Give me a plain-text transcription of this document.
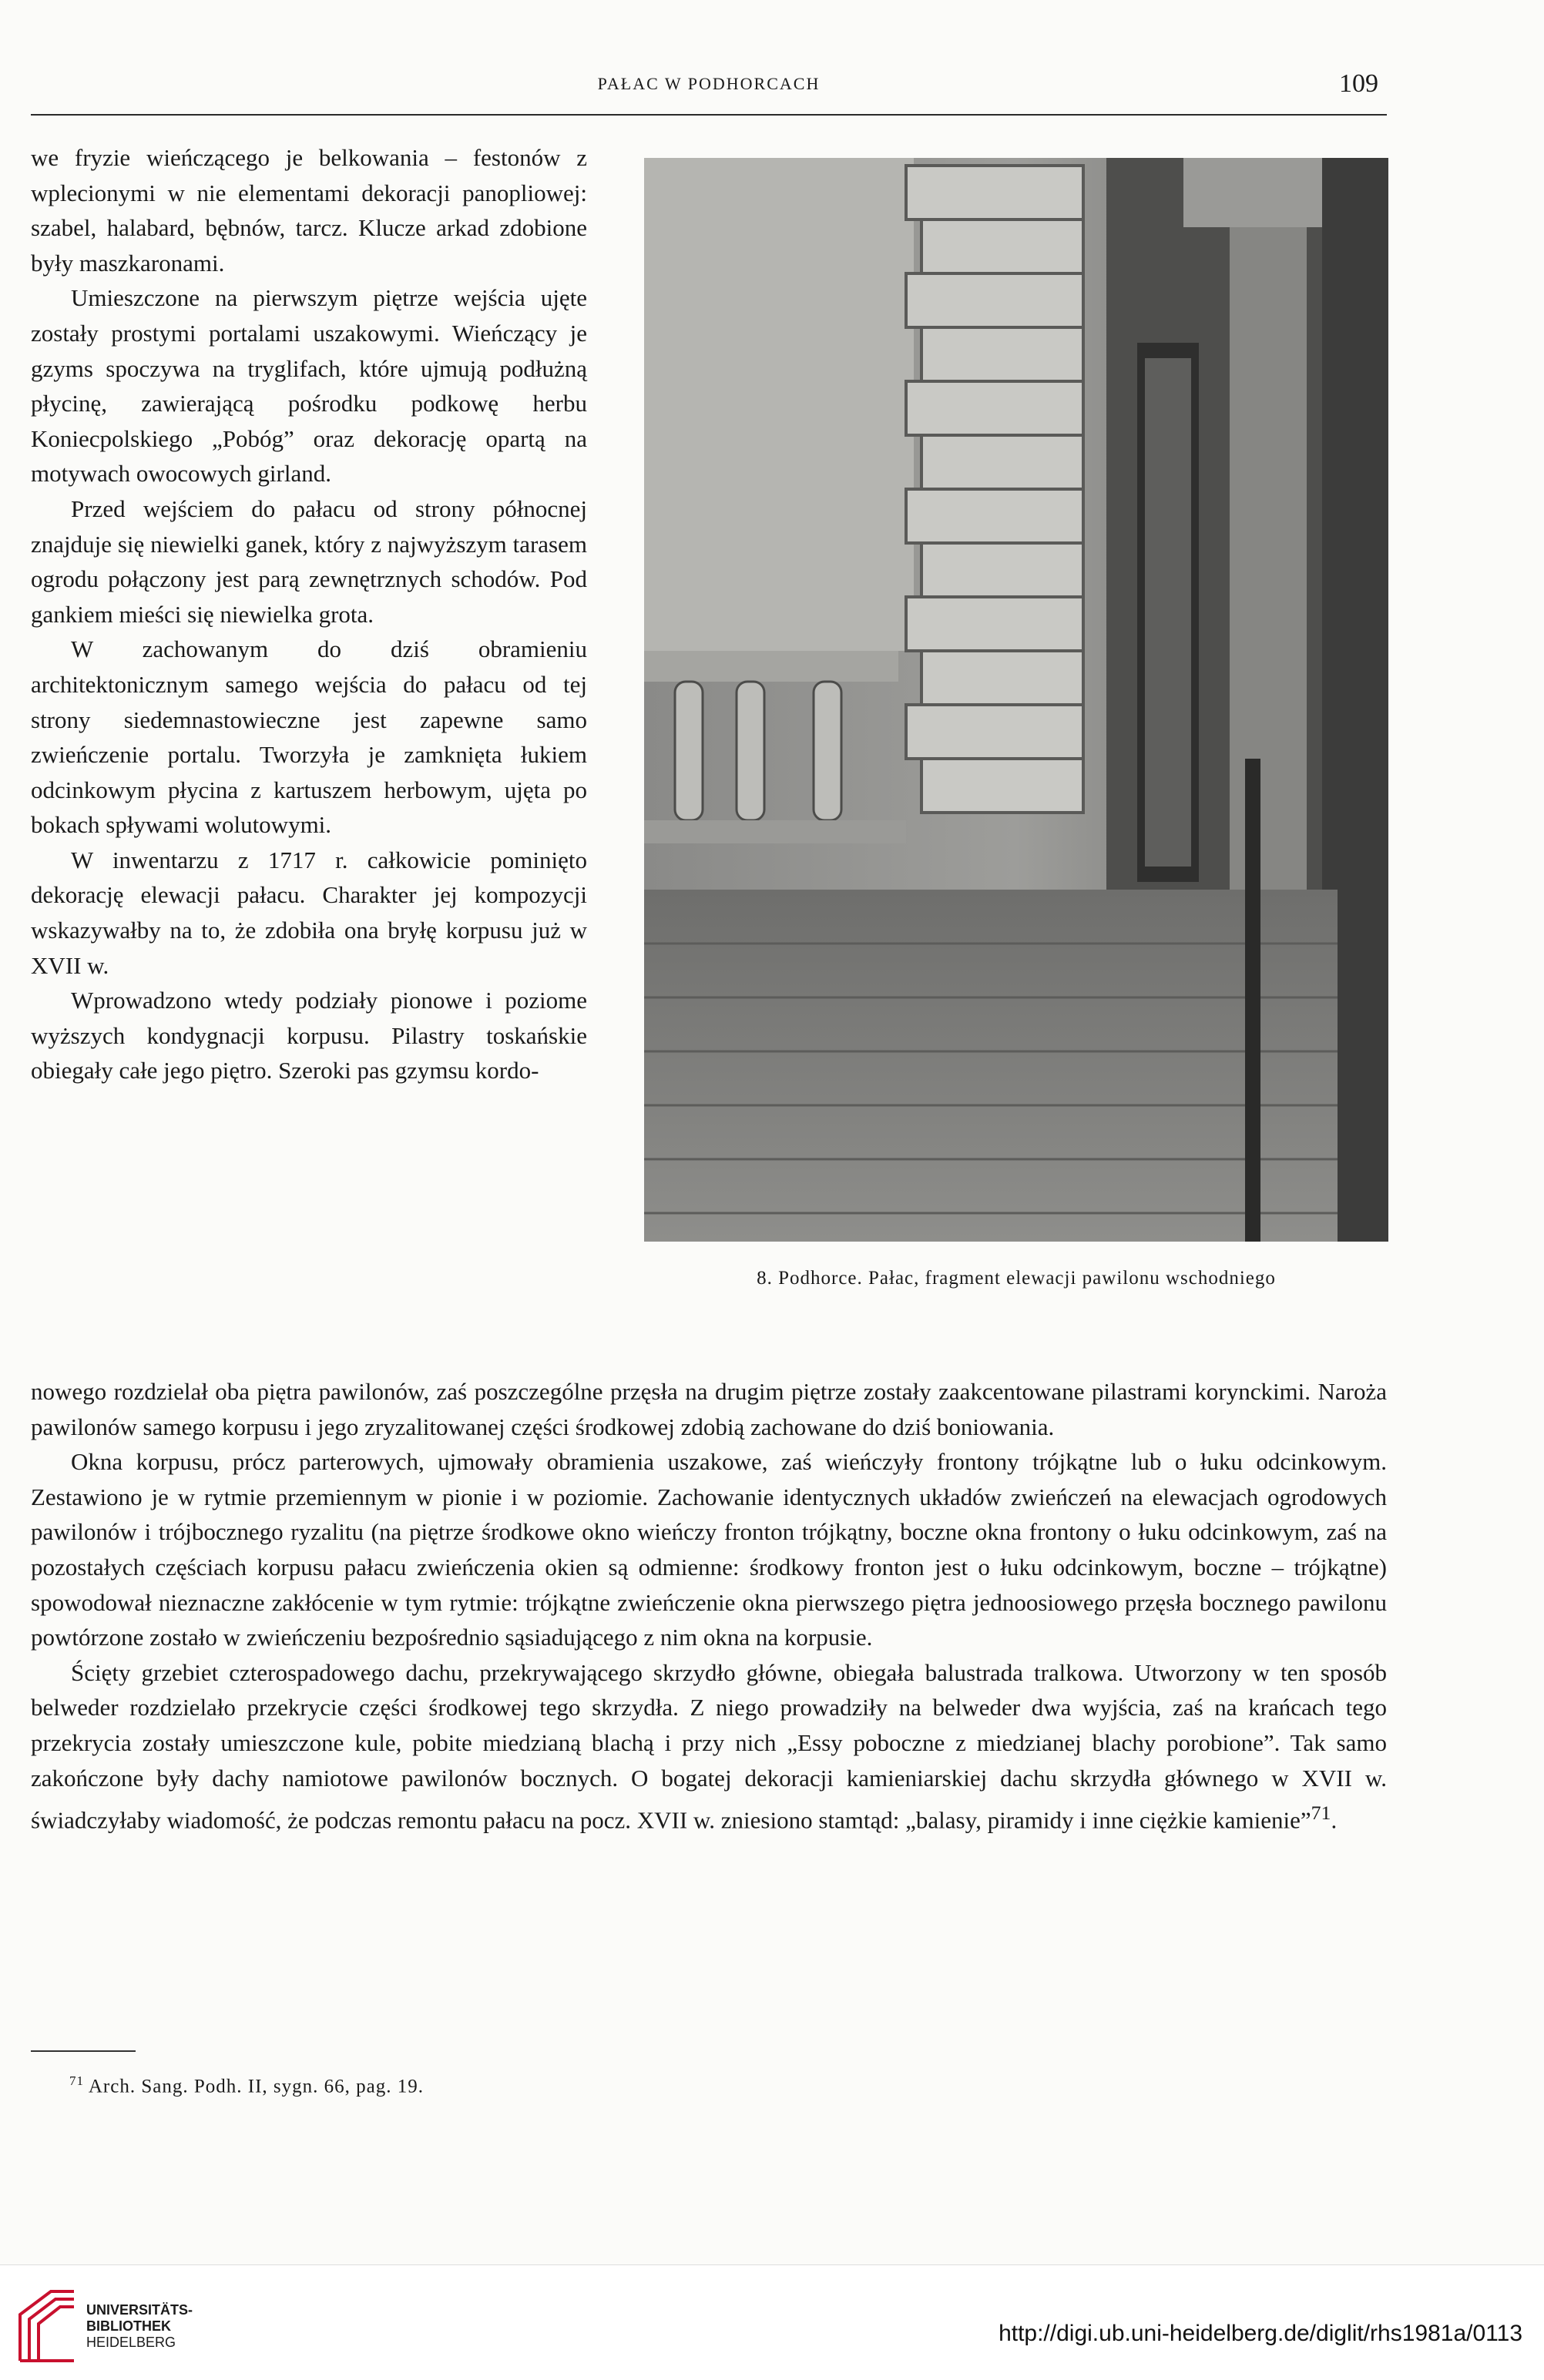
PAŁAC W PODHORCACH	109

we fryzie wieńczącego je belkowania – festonów z wplecionymi w nie elementami dekoracji panopliowej: szabel, halabard, bębnów, tarcz. Klucze arkad zdobione były maszkaronami.

Umieszczone na pierwszym piętrze wejścia ujęte zostały prostymi portalami uszakowymi. Wieńczący je gzyms spoczywa na tryglifach, które ujmują podłużną płycinę, zawierającą pośrodku podkowę herbu Koniecpolskiego „Pobóg” oraz dekorację opartą na motywach owocowych girland.

Przed wejściem do pałacu od strony północnej znajduje się niewielki ganek, który z najwyższym tarasem ogrodu połączony jest parą zewnętrznych schodów. Pod gankiem mieści się niewielka grota.

W zachowanym do dziś obramieniu architektonicznym samego wejścia do pałacu od tej strony siedemnastowieczne jest zapewne samo zwieńczenie portalu. Tworzyła je zamknięta łukiem odcinkowym płycina z kartuszem herbowym, ujęta po bokach spływami wolutowymi.

W inwentarzu z 1717 r. całkowicie pominięto dekorację elewacji pałacu. Charakter jej kompozycji wskazywałby na to, że zdobiła ona bryłę korpusu już w XVII w.

Wprowadzono wtedy podziały pionowe i poziome wyższych kondygnacji korpusu. Pilastry toskańskie obiegały całe jego piętro. Szeroki pas gzymsu kordo-

8. Podhorce. Pałac, fragment elewacji pawilonu wschodniego

nowego rozdzielał oba piętra pawilonów, zaś poszczególne przęsła na drugim piętrze zostały zaakcentowane pilastrami korynckimi. Naroża pawilonów samego korpusu i jego zryzalitowanej części środkowej zdobią zachowane do dziś boniowania.

Okna korpusu, prócz parterowych, ujmowały obramienia uszakowe, zaś wieńczyły frontony trójkątne lub o łuku odcinkowym. Zestawiono je w rytmie przemiennym w pionie i w poziomie. Zachowanie identycznych układów zwieńczeń na elewacjach ogrodowych pawilonów i trójbocznego ryzalitu (na piętrze środkowe okno wieńczy fronton trójkątny, boczne okna frontony o łuku odcinkowym, zaś na pozostałych częściach korpusu pałacu zwieńczenia okien są odmienne: środkowy fronton jest o łuku odcinkowym, boczne – trójkątne) spowodował nieznaczne zakłócenie w tym rytmie: trójkątne zwieńczenie okna pierwszego piętra jednoosiowego przęsła bocznego pawilonu powtórzone zostało w zwieńczeniu bezpośrednio sąsiadującego z nim okna na korpusie.

Ścięty grzebiet czterospadowego dachu, przekrywającego skrzydło główne, obiegała balustrada tralkowa. Utworzony w ten sposób belweder rozdzielało przekrycie części środkowej tego skrzydła. Z niego prowadziły na belweder dwa wyjścia, zaś na krańcach tego przekrycia zostały umieszczone kule, pobite miedzianą blachą i przy nich „Essy poboczne z miedzianej blachy porobione”. Tak samo zakończone były dachy namiotowe pawilonów bocznych. O bogatej dekoracji kamieniarskiej dachu skrzydła głównego w XVII w. świadczyłaby wiadomość, że podczas remontu pałacu na pocz. XVII w. zniesiono stamtąd: „balasy, piramidy i inne ciężkie kamienie”$^{71}$.

$^{71}$ Arch. Sang. Podh. II, sygn. 66, pag. 19.
UNIVERSITÄTS-
BIBLIOTHEK
HEIDELBERG	http://digi.ub.uni-heidelberg.de/diglit/rhs1981a/0113
